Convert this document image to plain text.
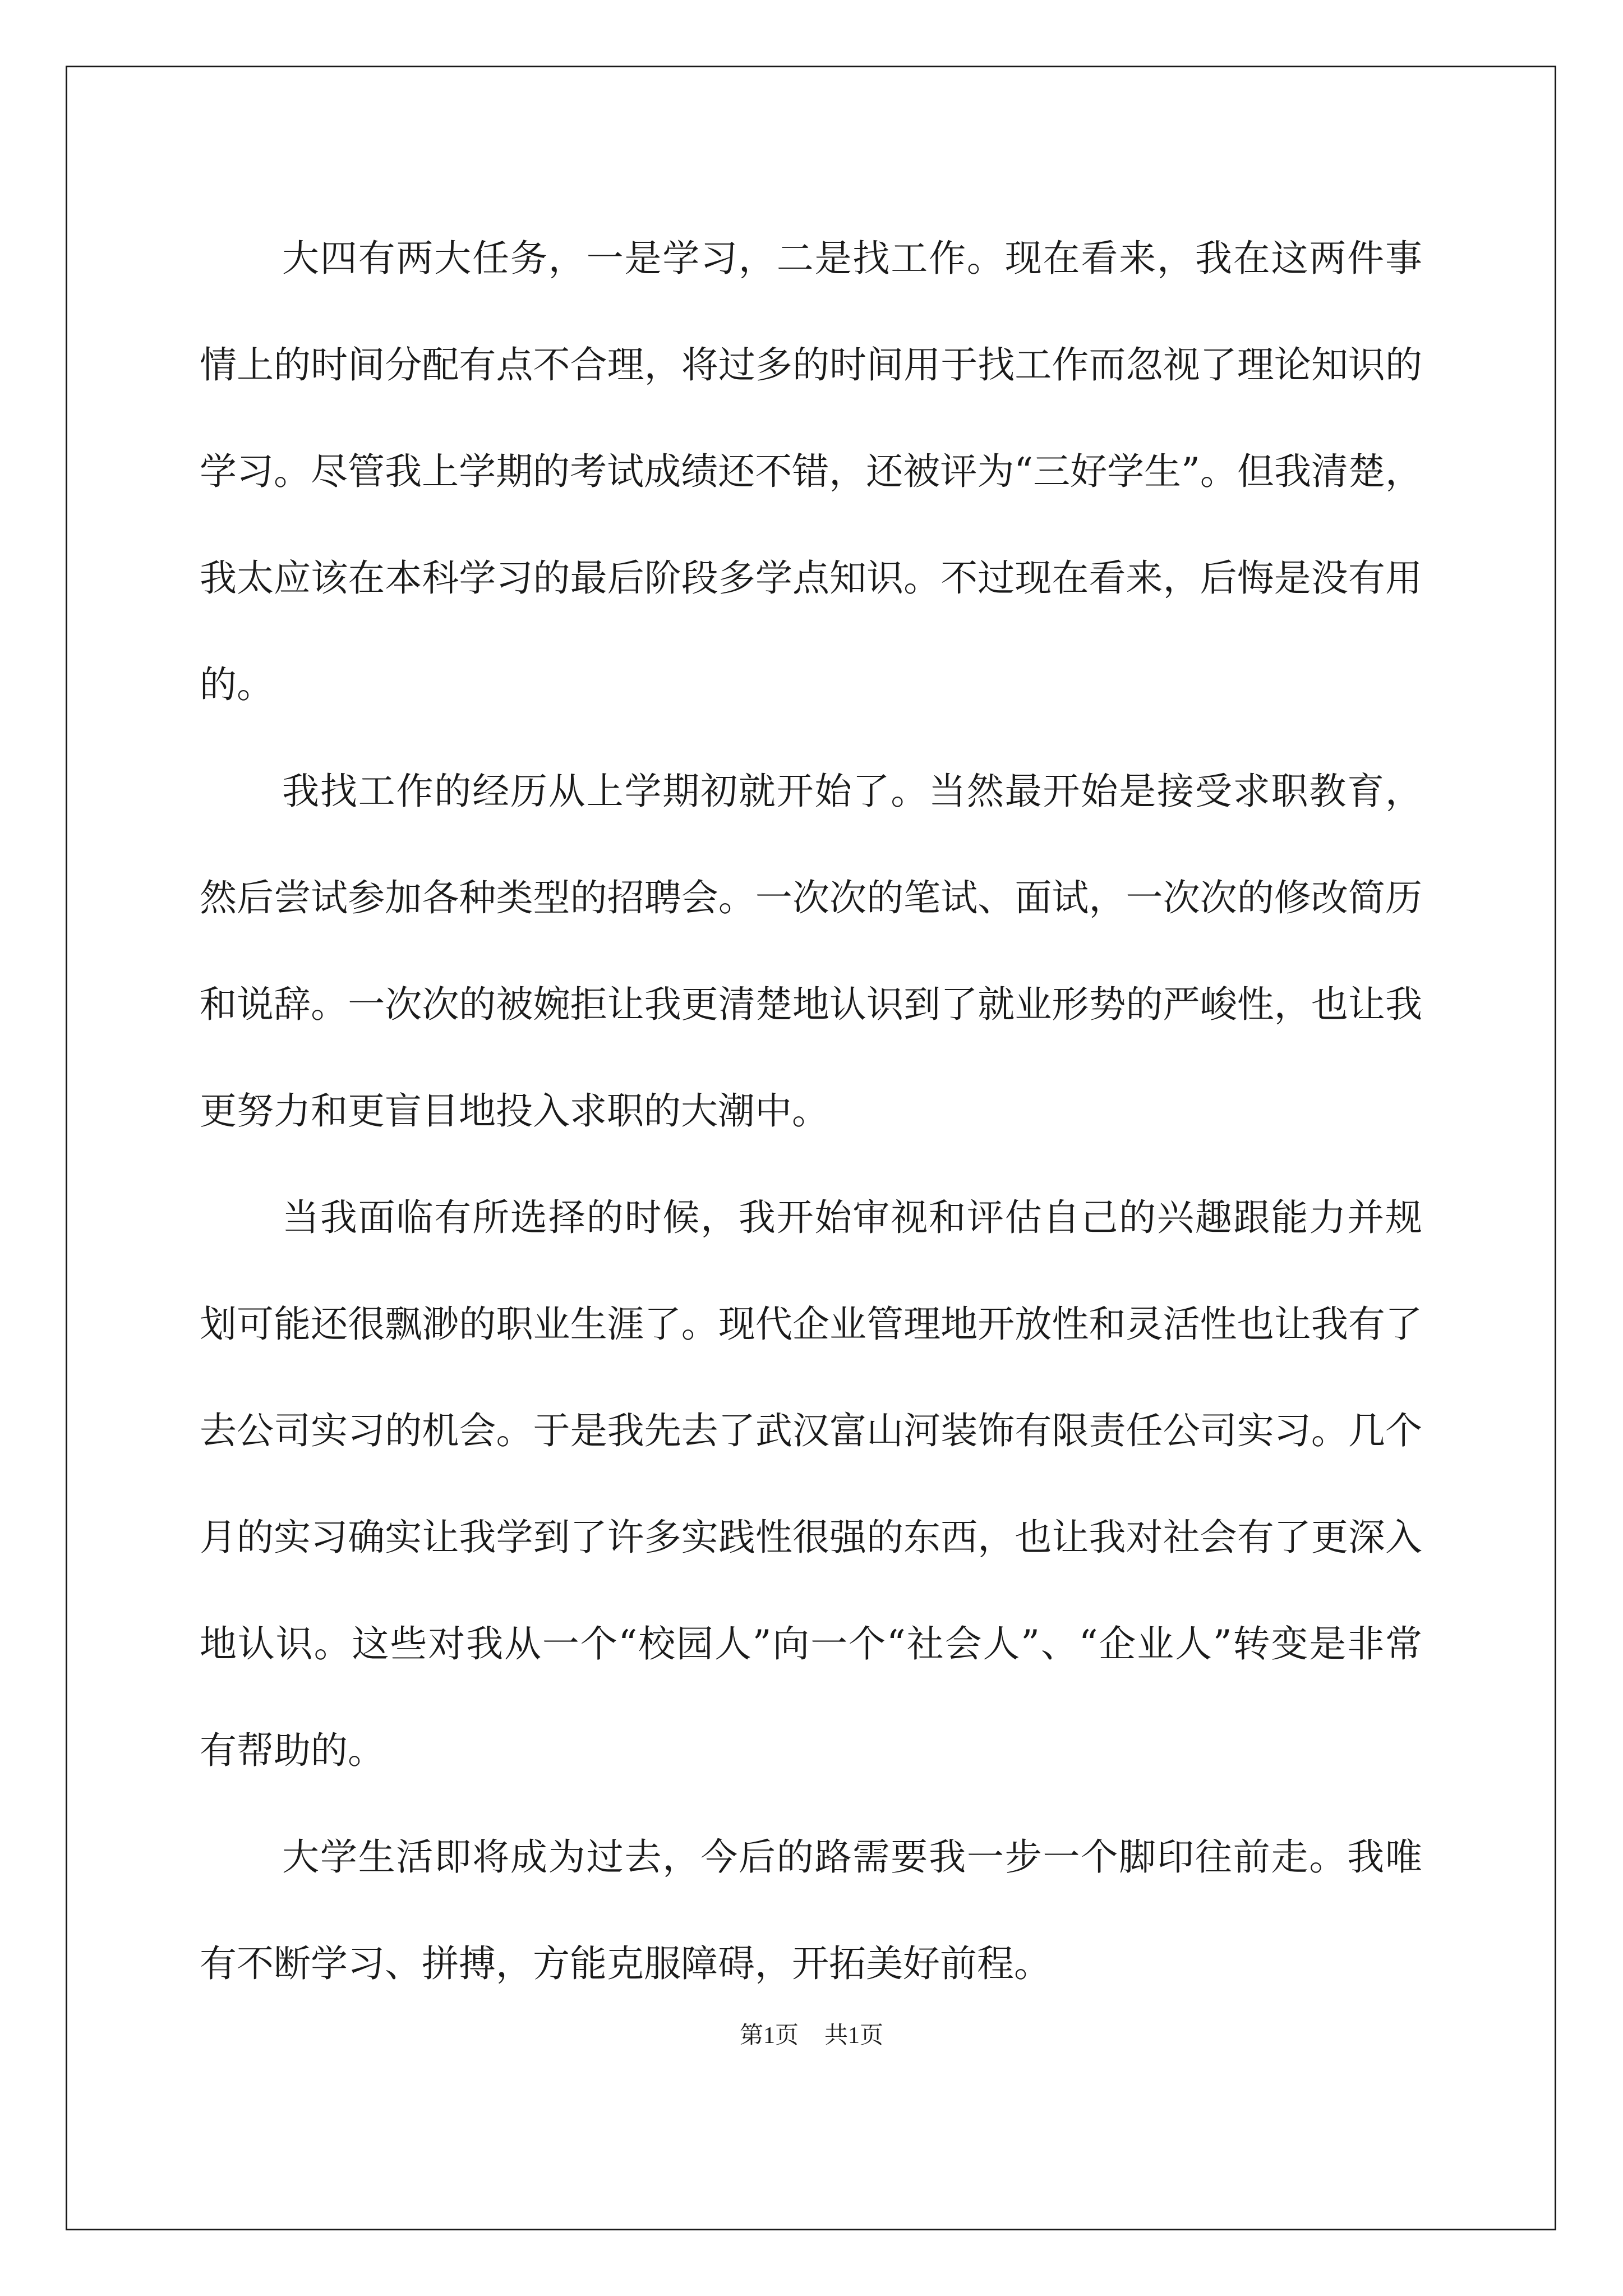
大四有两大任务，一是学习，二是找工作。现在看来，我在这两件事情上的时间分配有点不合理，将过多的时间用于找工作而忽视了理论知识的学习。尽管我上学期的考试成绩还不错，还被评为“三好学生”。但我清楚，我太应该在本科学习的最后阶段多学点知识。不过现在看来，后悔是没有用的。

我找工作的经历从上学期初就开始了。当然最开始是接受求职教育，然后尝试参加各种类型的招聘会。一次次的笔试、面试，一次次的修改简历和说辞。一次次的被婉拒让我更清楚地认识到了就业形势的严峻性，也让我更努力和更盲目地投入求职的大潮中。

当我面临有所选择的时候，我开始审视和评估自己的兴趣跟能力并规划可能还很飘渺的职业生涯了。现代企业管理地开放性和灵活性也让我有了去公司实习的机会。于是我先去了武汉富山河装饰有限责任公司实习。几个月的实习确实让我学到了许多实践性很强的东西，也让我对社会有了更深入地认识。这些对我从一个“校园人”向一个“社会人”、“企业人”转变是非常有帮助的。

大学生活即将成为过去，今后的路需要我一步一个脚印往前走。我唯有不断学习、拼搏，方能克服障碍，开拓美好前程。

第1页 共1页
